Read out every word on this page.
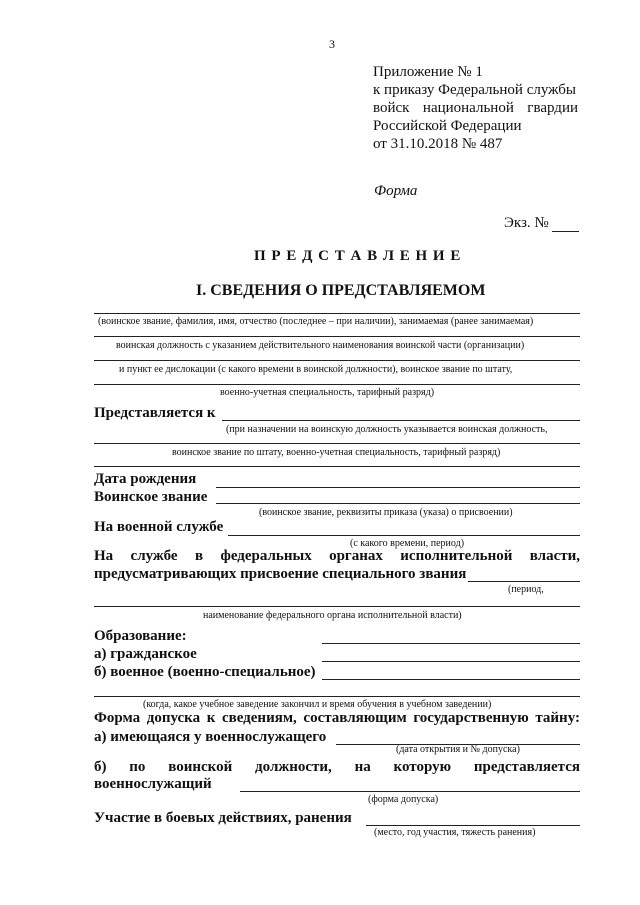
3
Приложение № 1
к приказу Федеральной службы
войск национальной гвардии
Российской Федерации
от 31.10.2018 № 487
Форма
Экз. №
П Р Е Д С Т А В Л Е Н И Е
I. СВЕДЕНИЯ О ПРЕДСТАВЛЯЕМОМ
(воинское звание, фамилия, имя, отчество (последнее – при наличии), занимаемая (ранее занимаемая)
воинская должность с указанием действительного наименования воинской части (организации)
и пункт ее дислокации (с какого времени в воинской должности), воинское звание по штату,
военно-учетная специальность, тарифный разряд)
Представляется к
(при назначении на воинскую должность указывается воинская должность,
воинское звание по штату, военно-учетная специальность, тарифный разряд)
Дата рождения
Воинское звание
(воинское звание, реквизиты приказа (указа) о присвоении)
На военной службе
(с какого времени, период)
На службе в федеральных органах исполнительной власти,
предусматривающих присвоение специального звания
(период,
наименование федерального органа исполнительной власти)
Образование:
а) гражданское
б) военное (военно-специальное)
(когда, какое учебное заведение закончил и время обучения в учебном заведении)
Форма допуска к сведениям, составляющим государственную тайну:
а) имеющаяся у военнослужащего
(дата открытия и № допуска)
б) по воинской должности, на которую представляется
военнослужащий
(форма допуска)
Участие в боевых действиях, ранения
(место, год участия, тяжесть ранения)
